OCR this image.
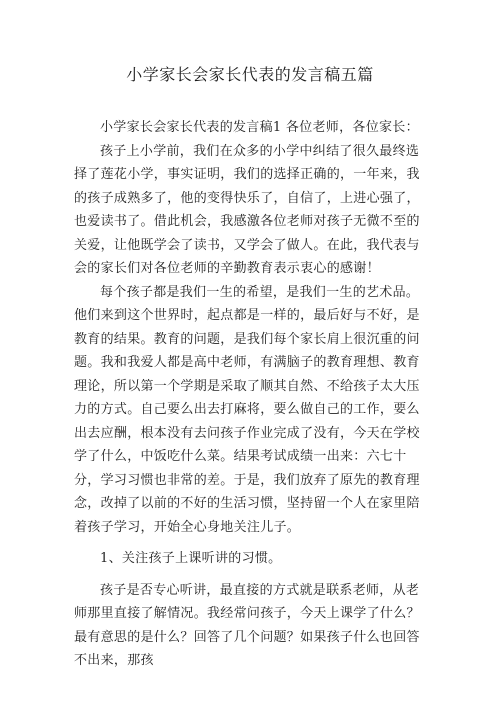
小学家长会家长代表的发言稿五篇

小学家长会家长代表的发言稿1 各位老师，各位家长：

孩子上小学前，我们在众多的小学中纠结了很久最终选择了莲花小学，事实证明，我们的选择正确的，一年来，我的孩子成熟多了，他的变得快乐了，自信了，上进心强了，也爱读书了。借此机会，我感激各位老师对孩子无微不至的关爱，让他既学会了读书，又学会了做人。在此，我代表与会的家长们对各位老师的辛勤教育表示衷心的感谢！

每个孩子都是我们一生的希望，是我们一生的艺术品。他们来到这个世界时，起点都是一样的，最后好与不好，是教育的结果。教育的问题，是我们每个家长肩上很沉重的问题。我和我爱人都是高中老师，有满脑子的教育理想、教育理论，所以第一个学期是采取了顺其自然、不给孩子太大压力的方式。自己要么出去打麻将，要么做自己的工作，要么出去应酬，根本没有去问孩子作业完成了没有，今天在学校学了什么，中饭吃什么菜。结果考试成绩一出来：六七十分，学习习惯也非常的差。于是，我们放弃了原先的教育理念，改掉了以前的不好的生活习惯，坚持留一个人在家里陪着孩子学习，开始全心身地关注儿子。

1、关注孩子上课听讲的习惯。

孩子是否专心听讲，最直接的方式就是联系老师，从老师那里直接了解情况。我经常问孩子，今天上课学了什么？最有意思的是什么？回答了几个问题？如果孩子什么也回答不出来，那孩
